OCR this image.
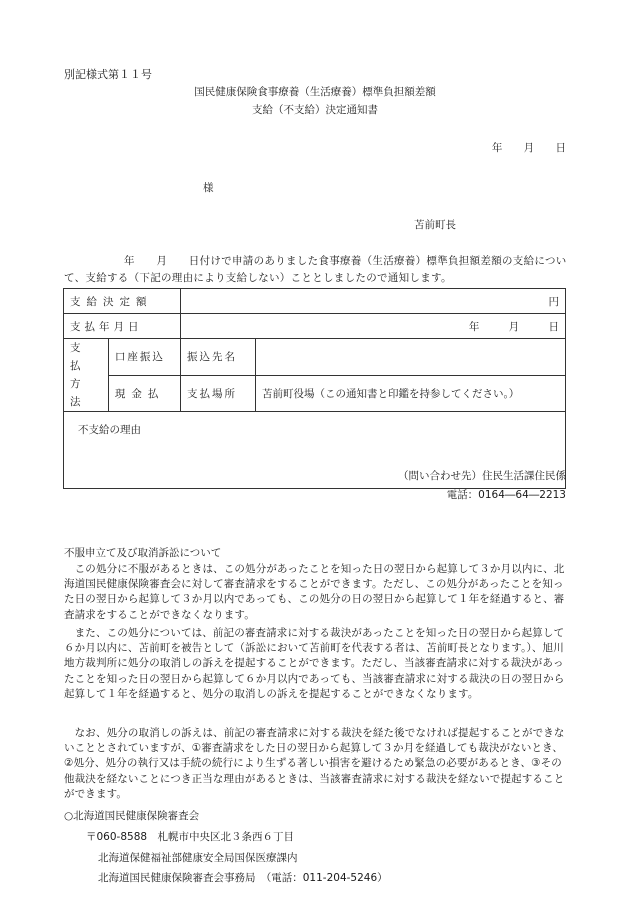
別記様式第１１号
国民健康保険食事療養（生活療養）標準負担額差額
支給（不支給）決定通知書
年 月 日
様
苫前町長
年　　月　　日付けで申請のありました食事療養（生活療養）標準負担額差額の支給について、支給する（下記の理由により支給しない）こととしましたので通知します。
支給決定額		円	
支払年月日		年 月 日	
支払方法	口座振込	振込先名	
	現金払	支払場所	苫前町役場（この通知書と印鑑を持参してください。）
不支給の理由			
（問い合わせ先）住民生活課住民係
電話：0164―64―2213
不服申立て及び取消訴訟について
　この処分に不服があるときは、この処分があったことを知った日の翌日から起算して３か月以内に、北海道国民健康保険審査会に対して審査請求をすることができます。ただし、この処分があったことを知った日の翌日から起算して３か月以内であっても、この処分の日の翌日から起算して１年を経過すると、審査請求をすることができなくなります。
　また、この処分については、前記の審査請求に対する裁決があったことを知った日の翌日から起算して６か月以内に、苫前町を被告として（訴訟において苫前町を代表する者は、苫前町長となります。）、旭川地方裁判所に処分の取消しの訴えを提起することができます。ただし、当該審査請求に対する裁決があったことを知った日の翌日から起算して６か月以内であっても、当該審査請求に対する裁決の日の翌日から起算して１年を経過すると、処分の取消しの訴えを提起することができなくなります。
　なお、処分の取消しの訴えは、前記の審査請求に対する裁決を経た後でなければ提起することができないこととされていますが、①審査請求をした日の翌日から起算して３か月を経過しても裁決がないとき、②処分、処分の執行又は手続の続行により生ずる著しい損害を避けるため緊急の必要があるとき、③その他裁決を経ないことにつき正当な理由があるときは、当該審査請求に対する裁決を経ないで提起することができます。
○北海道国民健康保険審査会
〒060-8588　札幌市中央区北３条西６丁目
北海道保健福祉部健康安全局国保医療課内
北海道国民健康保険審査会事務局　（電話：011-204-5246）
